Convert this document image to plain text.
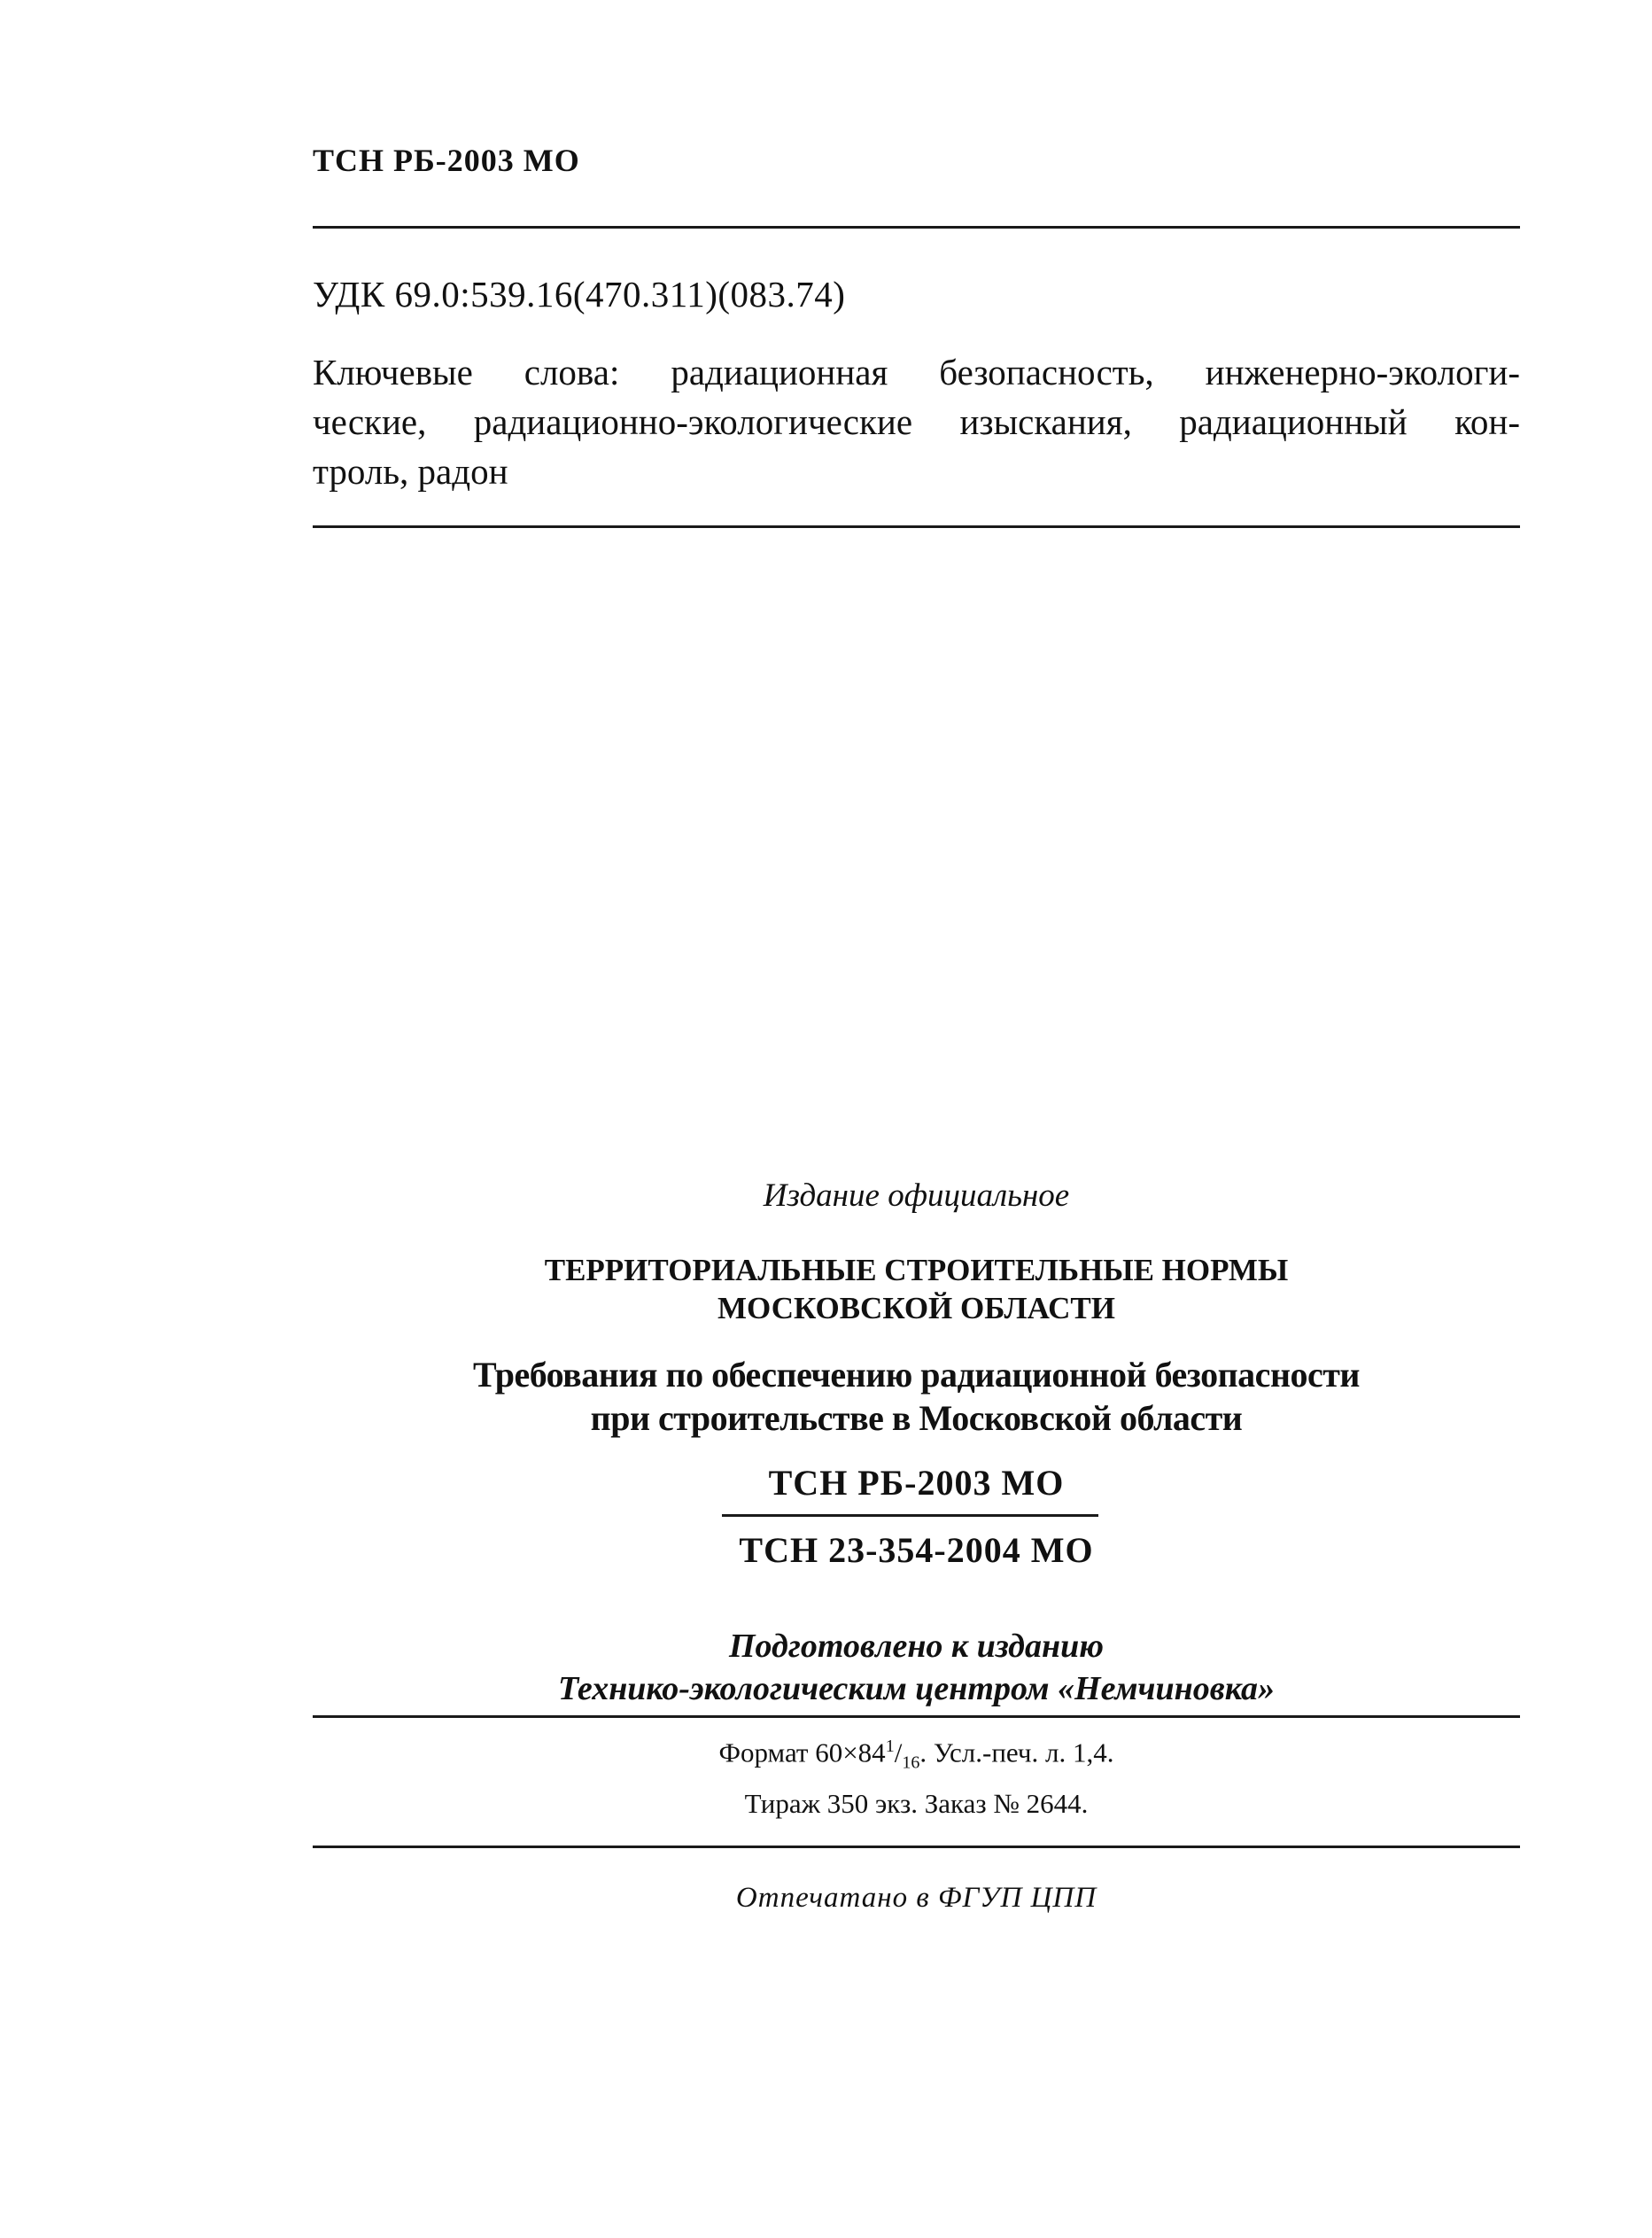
ТСН РБ-2003 МО
УДК 69.0:539.16(470.311)(083.74)
Ключевые слова: радиационная безопасность, инженерно-экологи-
ческие, радиационно-экологические изыскания, радиационный кон-
троль, радон
Издание официальное
ТЕРРИТОРИАЛЬНЫЕ СТРОИТЕЛЬНЫЕ НОРМЫ
МОСКОВСКОЙ ОБЛАСТИ
Требования по обеспечению радиационной безопасности
при строительстве в Московской области
ТСН РБ-2003 МО
ТСН 23-354-2004 МО
Подготовлено к изданию
Технико-экологическим центром «Немчиновка»
Формат $60\times 84^1/_{16}$. Усл.-печ. л. 1,4.
Тираж 350 экз. Заказ № 2644.
Отпечатано в ФГУП ЦПП
